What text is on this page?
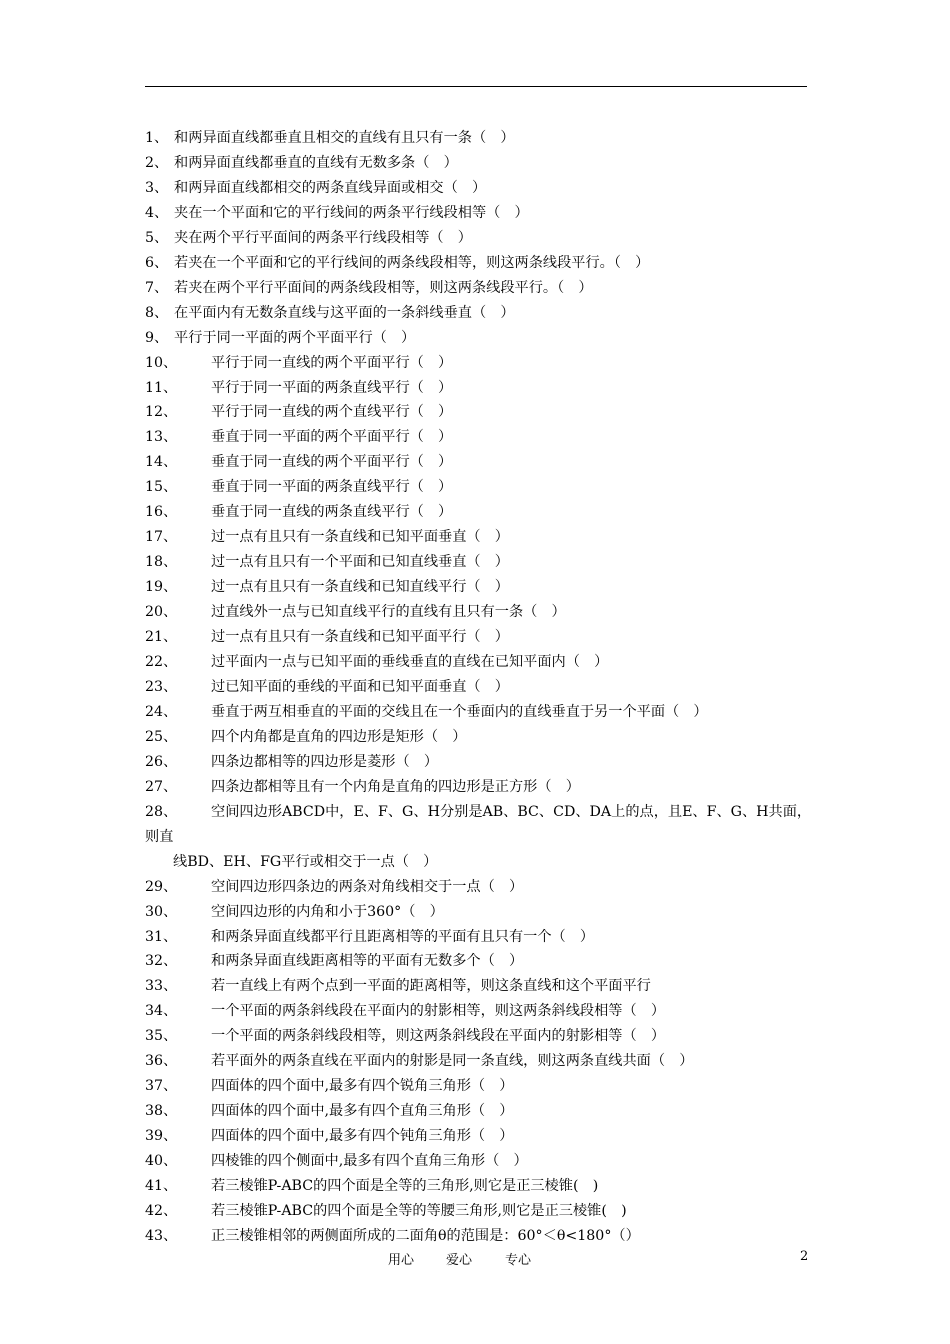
1、 和两异面直线都垂直且相交的直线有且只有一条（　）
2、 和两异面直线都垂直的直线有无数多条（　）
3、 和两异面直线都相交的两条直线异面或相交（　）
4、 夹在一个平面和它的平行线间的两条平行线段相等（　）
5、 夹在两个平行平面间的两条平行线段相等（　）
6、 若夹在一个平面和它的平行线间的两条线段相等，则这两条线段平行。（　）
7、 若夹在两个平行平面间的两条线段相等，则这两条线段平行。（　）
8、 在平面内有无数条直线与这平面的一条斜线垂直（　）
9、 平行于同一平面的两个平面平行（　）
10、 平行于同一直线的两个平面平行（　）
11、 平行于同一平面的两条直线平行（　）
12、 平行于同一直线的两个直线平行（　）
13、 垂直于同一平面的两个平面平行（　）
14、 垂直于同一直线的两个平面平行（　）
15、 垂直于同一平面的两条直线平行（　）
16、 垂直于同一直线的两条直线平行（　）
17、 过一点有且只有一条直线和已知平面垂直（　）
18、 过一点有且只有一个平面和已知直线垂直（　）
19、 过一点有且只有一条直线和已知直线平行（　）
20、 过直线外一点与已知直线平行的直线有且只有一条（　）
21、 过一点有且只有一条直线和已知平面平行（　）
22、 过平面内一点与已知平面的垂线垂直的直线在已知平面内（　）
23、 过已知平面的垂线的平面和已知平面垂直（　）
24、 垂直于两互相垂直的平面的交线且在一个垂面内的直线垂直于另一个平面（　）
25、 四个内角都是直角的四边形是矩形（　）
26、 四条边都相等的四边形是菱形（　）
27、 四条边都相等且有一个内角是直角的四边形是正方形（　）
28、 空间四边形ABCD中，E、F、G、H分别是AB、BC、CD、DA上的点，且E、F、G、H共面，则直
线BD、EH、FG平行或相交于一点（　）
29、 空间四边形四条边的两条对角线相交于一点（　）
30、 空间四边形的内角和小于360°（　）
31、 和两条异面直线都平行且距离相等的平面有且只有一个（　）
32、 和两条异面直线距离相等的平面有无数多个（　）
33、 若一直线上有两个点到一平面的距离相等，则这条直线和这个平面平行
34、 一个平面的两条斜线段在平面内的射影相等，则这两条斜线段相等（　）
35、 一个平面的两条斜线段相等，则这两条斜线段在平面内的射影相等（　）
36、 若平面外的两条直线在平面内的射影是同一条直线，则这两条直线共面（　）
37、 四面体的四个面中,最多有四个锐角三角形（　）
38、 四面体的四个面中,最多有四个直角三角形（　）
39、 四面体的四个面中,最多有四个钝角三角形（　）
40、 四棱锥的四个侧面中,最多有四个直角三角形（　）
41、 若三棱锥P-ABC的四个面是全等的三角形,则它是正三棱锥(　)
42、 若三棱锥P-ABC的四个面是全等的等腰三角形,则它是正三棱锥(　)
43、 正三棱锥相邻的两侧面所成的二面角θ的范围是：60°＜θ<180°（）
用心 爱心	专心	2
